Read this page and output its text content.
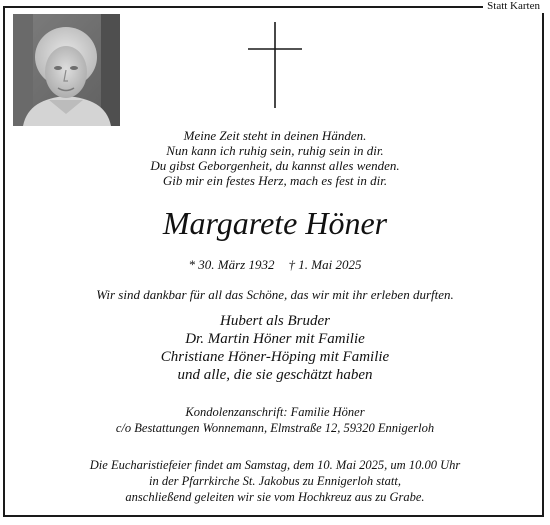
Statt Karten
Meine Zeit steht in deinen Händen.
Nun kann ich ruhig sein, ruhig sein in dir.
Du gibst Geborgenheit, du kannst alles wenden.
Gib mir ein festes Herz, mach es fest in dir.
Margarete Höner
* 30. März 1932 † 1. Mai 2025
Wir sind dankbar für all das Schöne, das wir mit ihr erleben durften.
Hubert als Bruder
Dr. Martin Höner mit Familie
Christiane Höner-Höping mit Familie
und alle, die sie geschätzt haben
Kondolenzanschrift: Familie Höner
c/o Bestattungen Wonnemann, Elmstraße 12, 59320 Ennigerloh
Die Eucharistiefeier findet am Samstag, dem 10. Mai 2025, um 10.00 Uhr
in der Pfarrkirche St. Jakobus zu Ennigerloh statt,
anschließend geleiten wir sie vom Hochkreuz aus zu Grabe.
